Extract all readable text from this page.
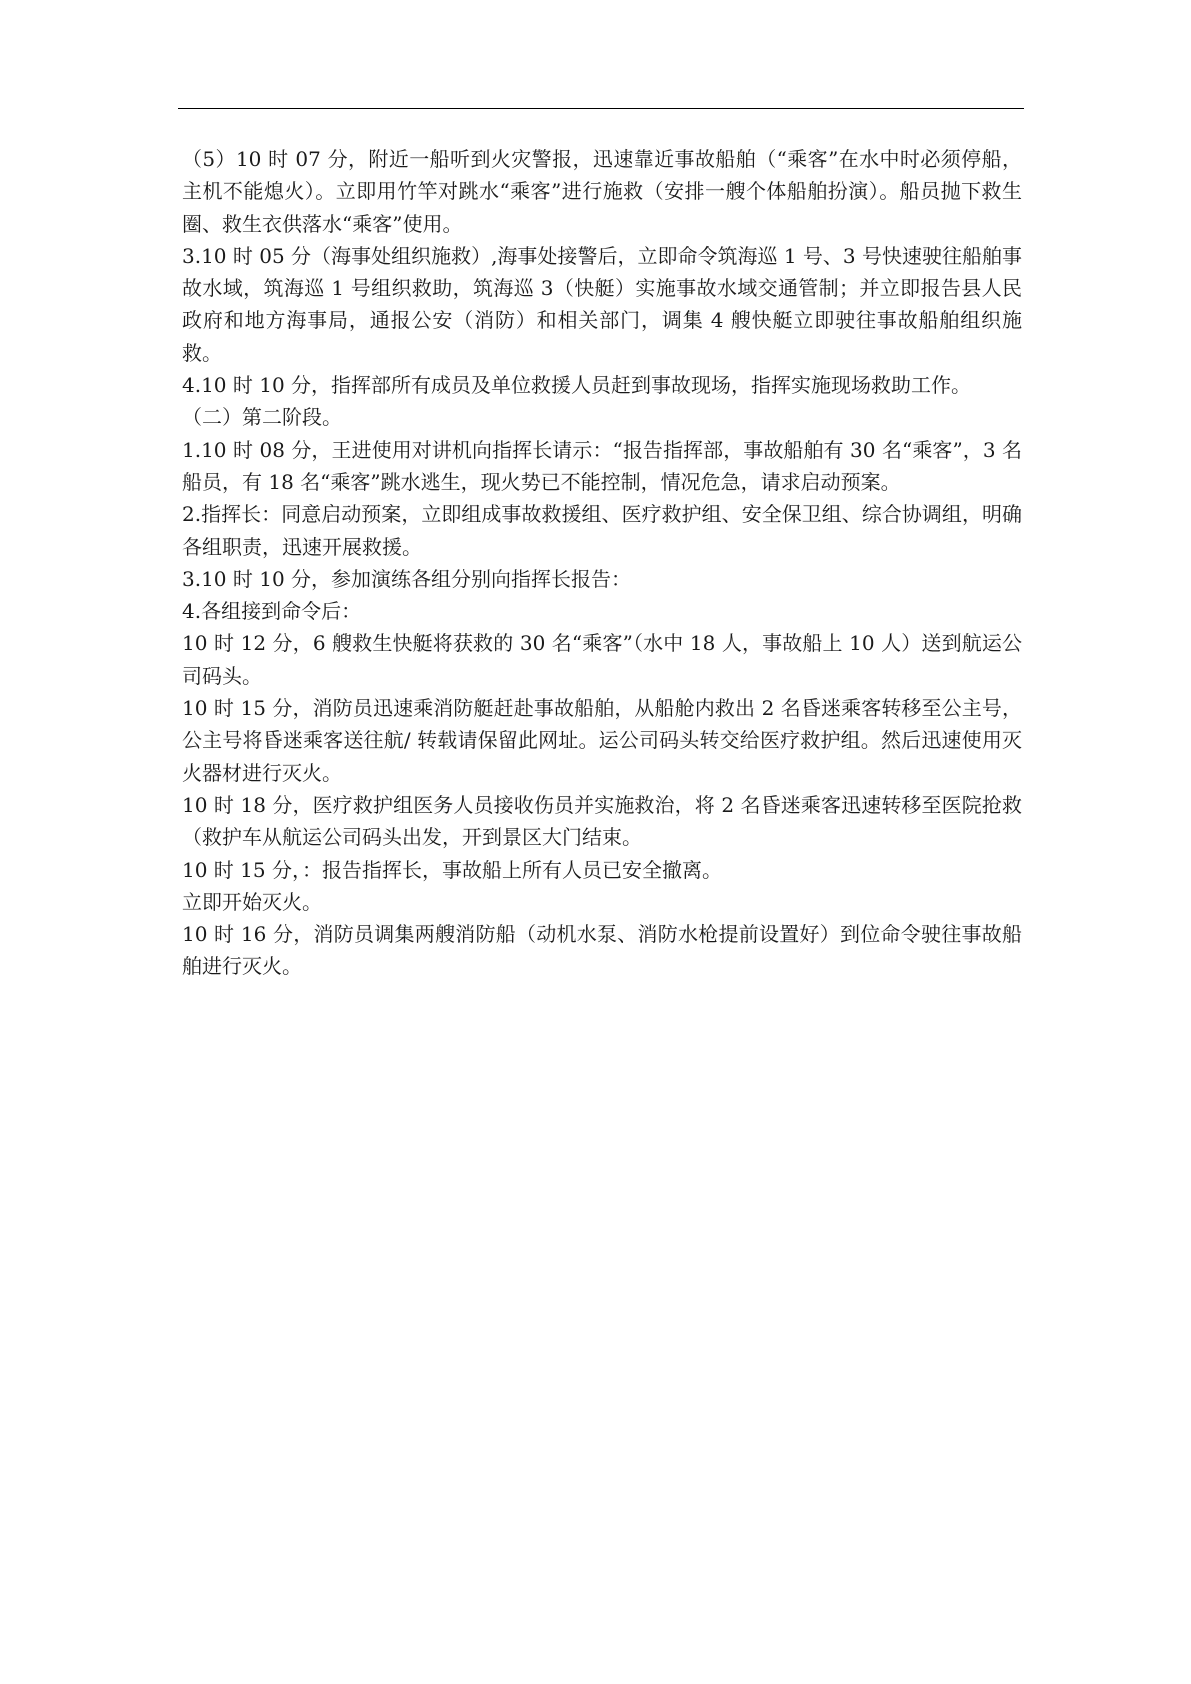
（5）10 时 07 分，附近一船听到火灾警报，迅速靠近事故船舶（“乘客”在水中时必须停船，主机不能熄火）。立即用竹竿对跳水“乘客”进行施救（安排一艘个体船舶扮演）。船员抛下救生圈、救生衣供落水“乘客”使用。

3.10 时 05 分（海事处组织施救）,海事处接警后，立即命令筑海巡 1 号、3 号快速驶往船舶事故水域，筑海巡 1 号组织救助，筑海巡 3（快艇）实施事故水域交通管制；并立即报告县人民政府和地方海事局，通报公安（消防）和相关部门，调集 4 艘快艇立即驶往事故船舶组织施救。

4.10 时 10 分，指挥部所有成员及单位救援人员赶到事故现场，指挥实施现场救助工作。

（二）第二阶段。

1.10 时 08 分，王进使用对讲机向指挥长请示：“报告指挥部，事故船舶有 30 名“乘客”，3 名船员，有 18 名“乘客”跳水逃生，现火势已不能控制，情况危急，请求启动预案。

2.指挥长：同意启动预案，立即组成事故救援组、医疗救护组、安全保卫组、综合协调组，明确各组职责，迅速开展救援。

3.10 时 10 分，参加演练各组分别向指挥长报告：

4.各组接到命令后：

10 时 12 分，6 艘救生快艇将获救的 30 名“乘客”（水中 18 人，事故船上 10 人）送到航运公司码头。

10 时 15 分，消防员迅速乘消防艇赶赴事故船舶，从船舱内救出 2 名昏迷乘客转移至公主号，公主号将昏迷乘客送往航/ 转载请保留此网址。运公司码头转交给医疗救护组。然后迅速使用灭火器材进行灭火。

10 时 18 分，医疗救护组医务人员接收伤员并实施救治，将 2 名昏迷乘客迅速转移至医院抢救（救护车从航运公司码头出发，开到景区大门结束。

10 时 15 分，：报告指挥长，事故船上所有人员已安全撤离。

立即开始灭火。

10 时 16 分，消防员调集两艘消防船（动机水泵、消防水枪提前设置好）到位命令驶往事故船舶进行灭火。
